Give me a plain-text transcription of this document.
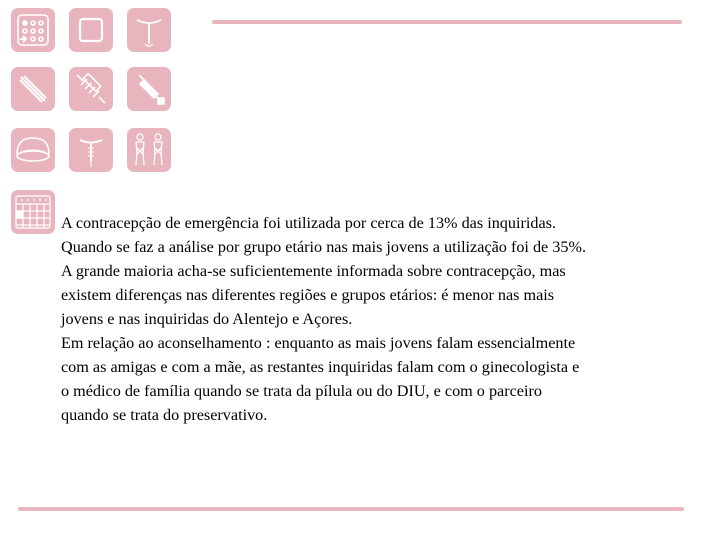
A contracepção de emergência foi utilizada por cerca de 13% das inquiridas.
Quando se faz a análise por grupo etário nas mais jovens a utilização foi de 35%.
A grande maioria acha-se suficientemente informada sobre contracepção, mas
existem diferenças nas diferentes regiões e grupos etários: é menor nas mais
jovens e nas inquiridas do Alentejo e Açores.
Em relação ao aconselhamento : enquanto as mais jovens falam essencialmente
com as amigas e com a mãe, as restantes inquiridas falam com o ginecologista e
o médico de família quando se trata da pílula ou do DIU, e com o parceiro
quando se trata do preservativo.
